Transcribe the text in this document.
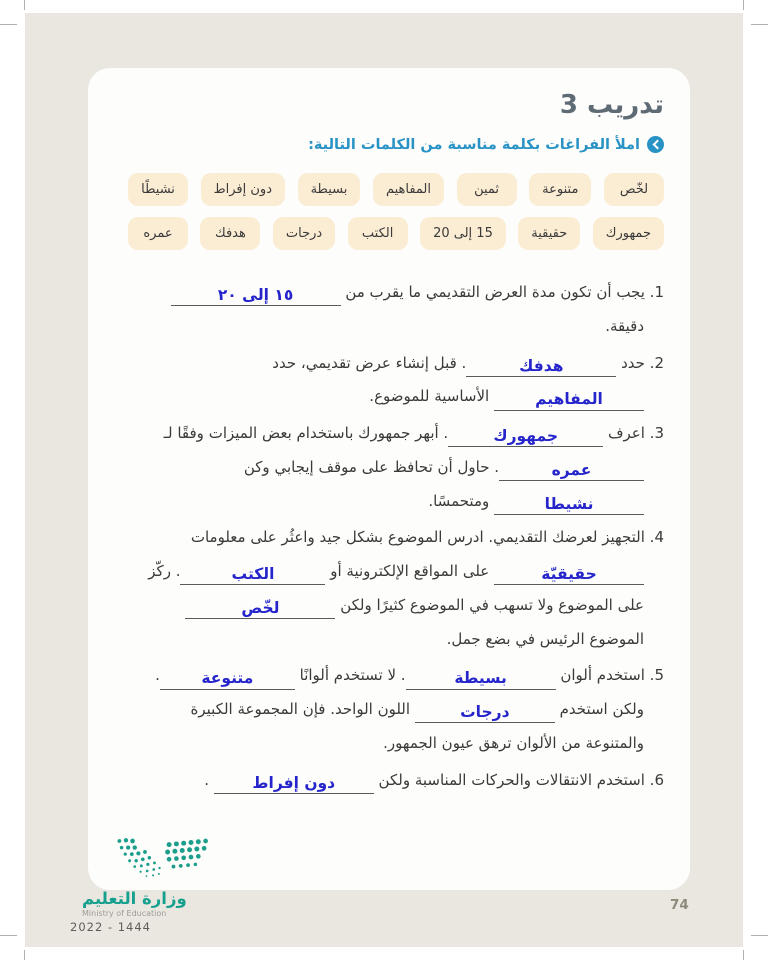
تدريب 3
املأ الفراغات بكلمة مناسبة من الكلمات التالية:
لخّص
متنوعة
ثمين
المفاهيم
بسيطة
دون إفراط
نشيطًا
جمهورك
حقيقية
15 إلى 20
الكتب
درجات
هدفك
عمره
1. يجب أن تكون مدة العرض التقديمي ما يقرب من ١٥ إلى ٢٠ دقيقة.
2. حدد هدفك. قبل إنشاء عرض تقديمي، حدد المفاهيم الأساسية للموضوع.
3. اعرف جمهورك. أبهر جمهورك باستخدام بعض الميزات وفقًا لـ عمره. حاول أن تحافظ على موقف إيجابي وكن نشيطا ومتحمسًا.
4. التجهيز لعرضك التقديمي. ادرس الموضوع بشكل جيد واعثُر على معلومات حقيقيّة على المواقع الإلكترونية أو الكتب. ركّز على الموضوع ولا تسهب في الموضوع كثيرًا ولكن لخّص الموضوع الرئيس في بضع جمل.
5. استخدم ألوان بسيطة. لا تستخدم ألوانًا متنوعة. ولكن استخدم درجات اللون الواحد. فإن المجموعة الكبيرة والمتنوعة من الألوان ترهق عيون الجمهور.
6. استخدم الانتقالات والحركات المناسبة ولكن دون إفراط .
وزارة التعليم
Ministry of Education
2022 - 1444
74
